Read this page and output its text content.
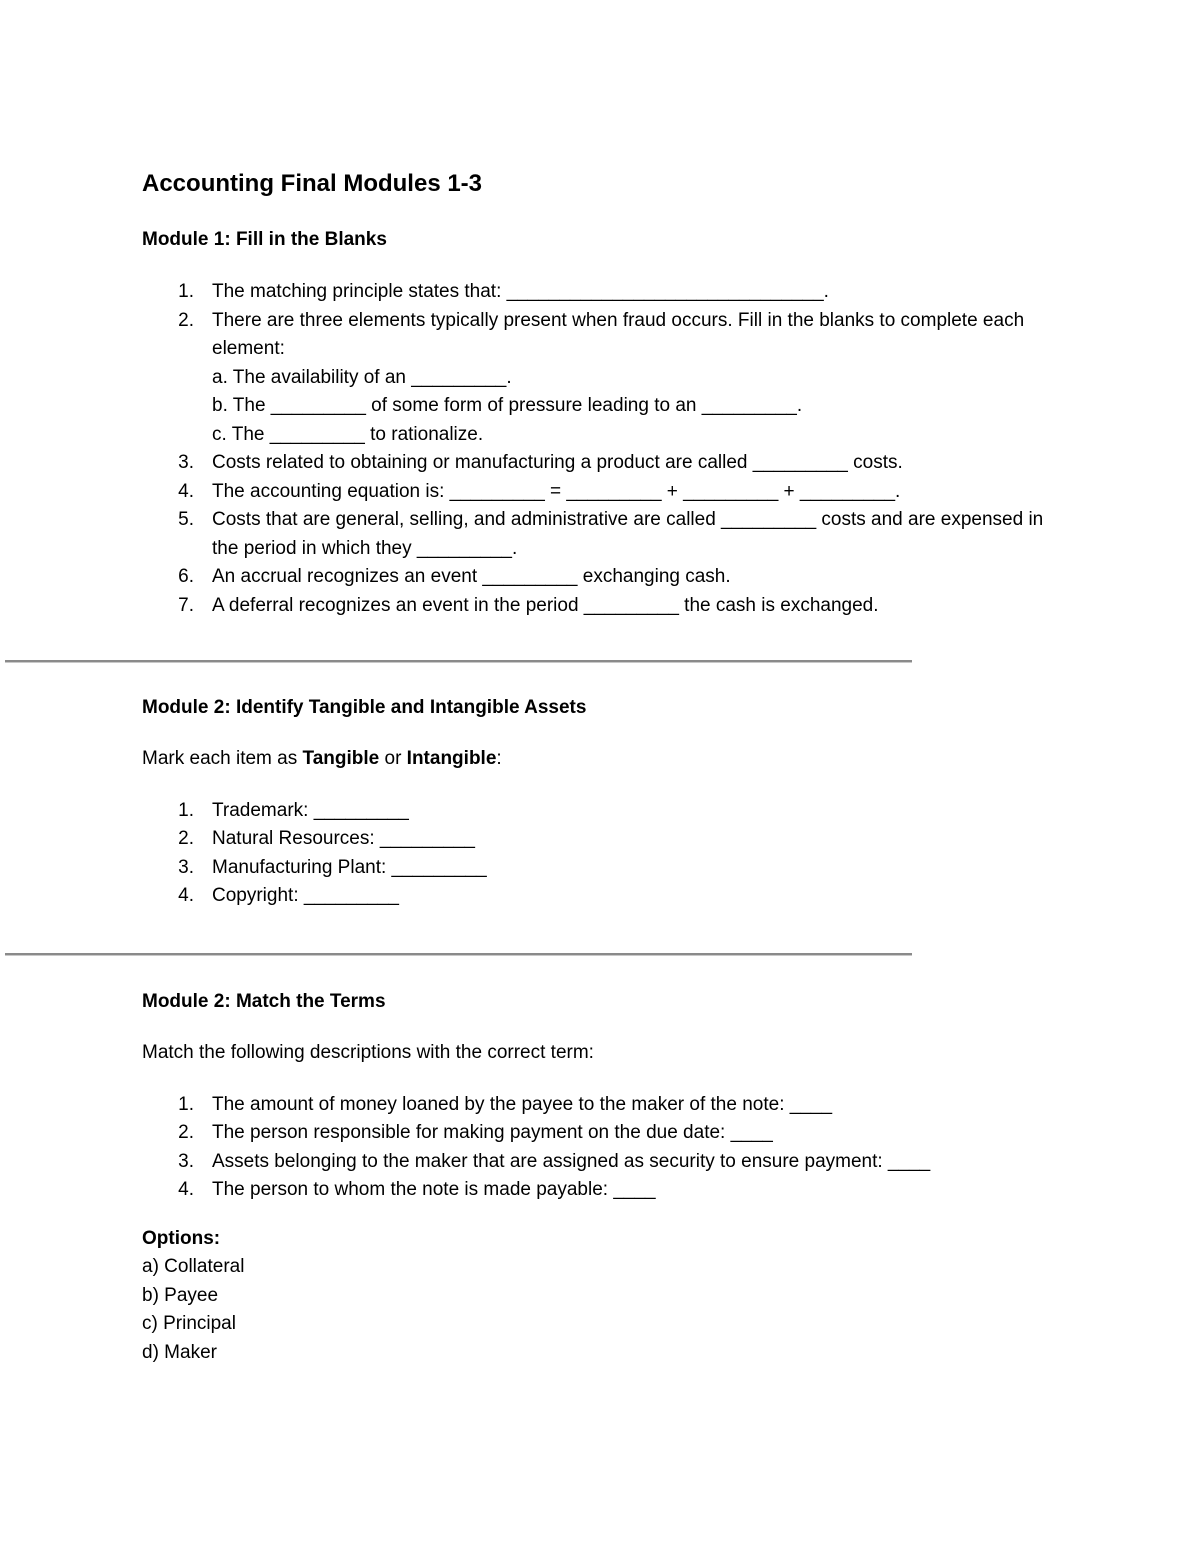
Accounting Final Modules 1-3
Module 1: Fill in the Blanks
1. The matching principle states that: ______________________________.
2. There are three elements typically present when fraud occurs. Fill in the blanks to complete each element:
a. The availability of an _________.
b. The _________ of some form of pressure leading to an _________.
c. The _________ to rationalize.
3. Costs related to obtaining or manufacturing a product are called _________ costs.
4. The accounting equation is: _________ = _________ + _________ + _________.
5. Costs that are general, selling, and administrative are called _________ costs and are expensed in the period in which they _________.
6. An accrual recognizes an event _________ exchanging cash.
7. A deferral recognizes an event in the period _________ the cash is exchanged.
Module 2: Identify Tangible and Intangible Assets

Mark each item as Tangible or Intangible:

1. Trademark: _________
2. Natural Resources: _________
3. Manufacturing Plant: _________
4. Copyright: _________
Module 2: Match the Terms

Match the following descriptions with the correct term:

1. The amount of money loaned by the payee to the maker of the note: ____
2. The person responsible for making payment on the due date: ____
3. Assets belonging to the maker that are assigned as security to ensure payment: ____
4. The person to whom the note is made payable: ____
Options:
a) Collateral
b) Payee
c) Principal
d) Maker
